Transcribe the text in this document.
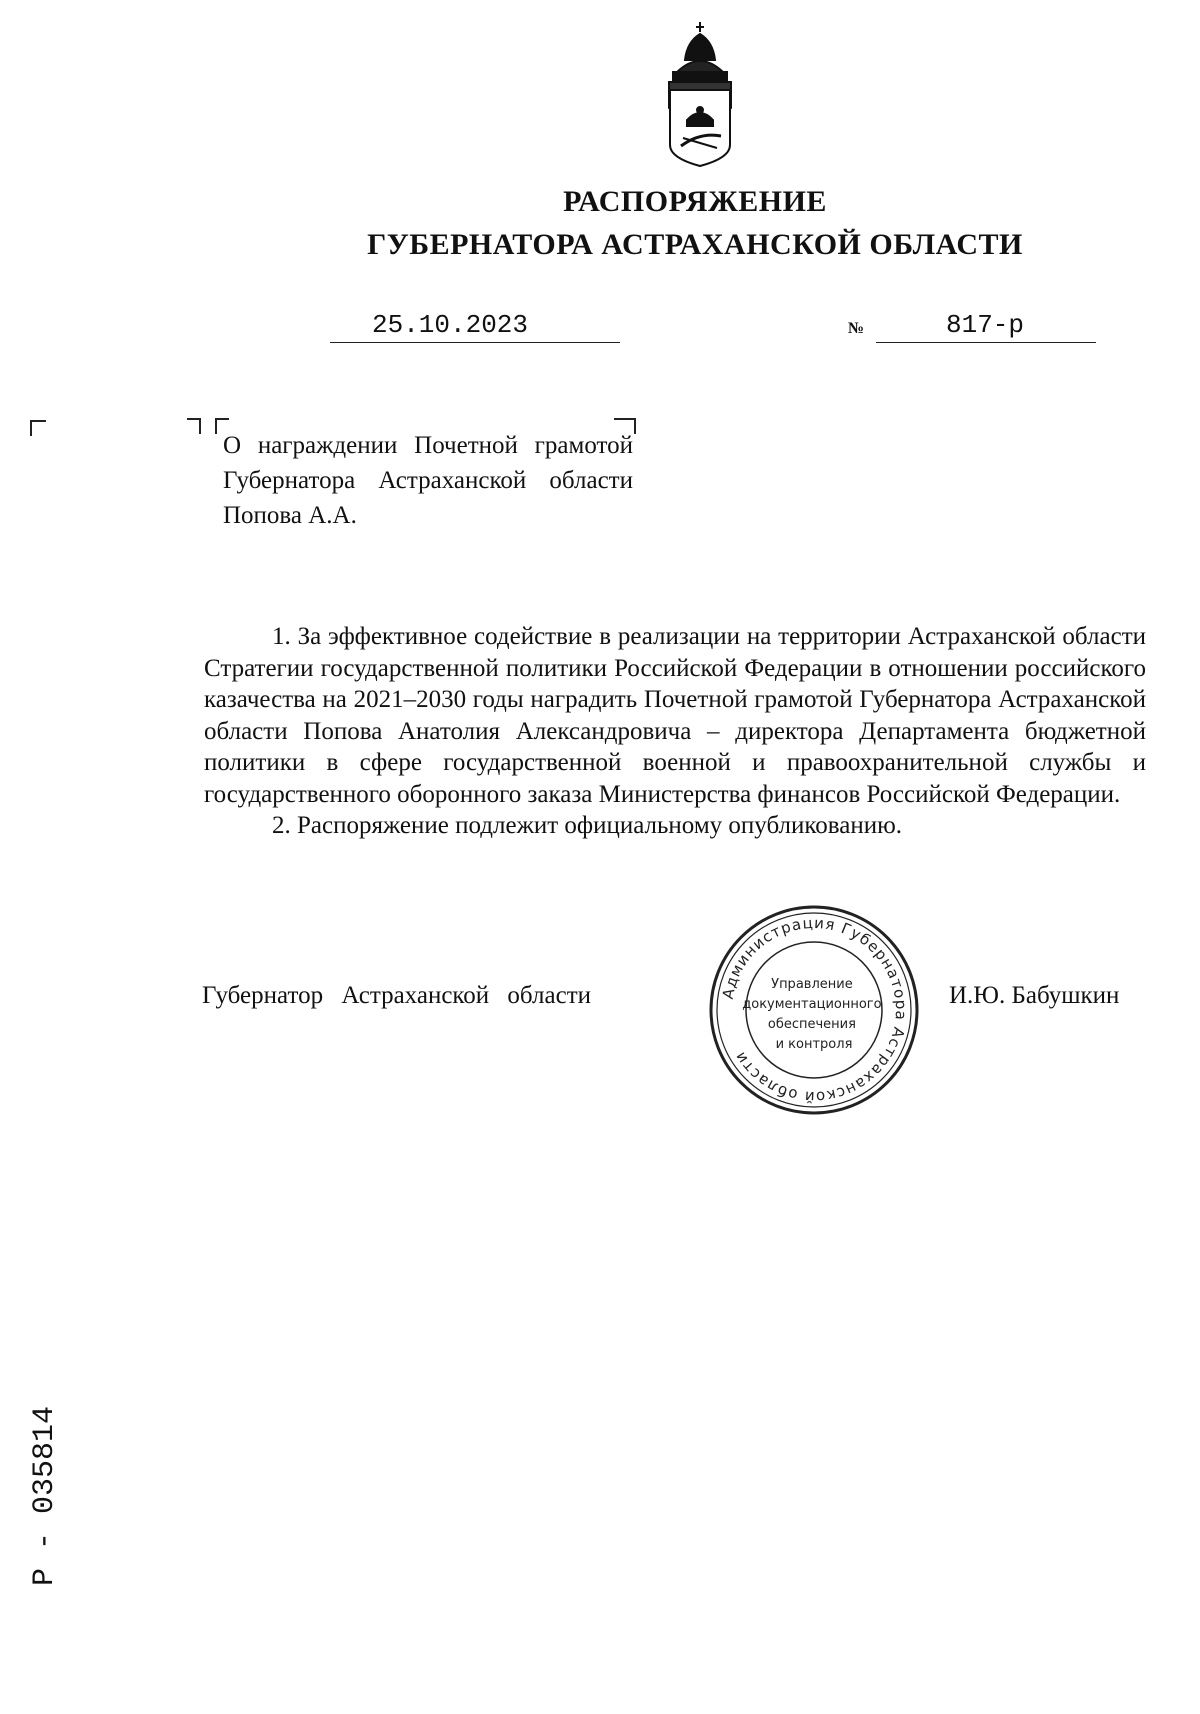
РАСПОРЯЖЕНИЕ
ГУБЕРНАТОРА АСТРАХАНСКОЙ ОБЛАСТИ
25.10.2023	№	817-р
О награждении Почетной грамотой Губернатора Астраханской области Попова А.А.

1. За эффективное содействие в реализации на территории Астраханской области Стратегии государственной политики Российской Федерации в отношении российского казачества на 2021–2030 годы наградить Почетной грамотой Губернатора Астраханской области Попова Анатолия Александровича – директора Департамента бюджетной политики в сфере государственной военной и правоохранительной службы и государственного оборонного заказа Министерства финансов Российской Федерации.

2. Распоряжение подлежит официальному опубликованию.

Губернатор Астраханской области	И.Ю. Бабушкин
Администрация Губернатора Астраханской области
Управление документационного обеспечения и контроля
Р - 035814
